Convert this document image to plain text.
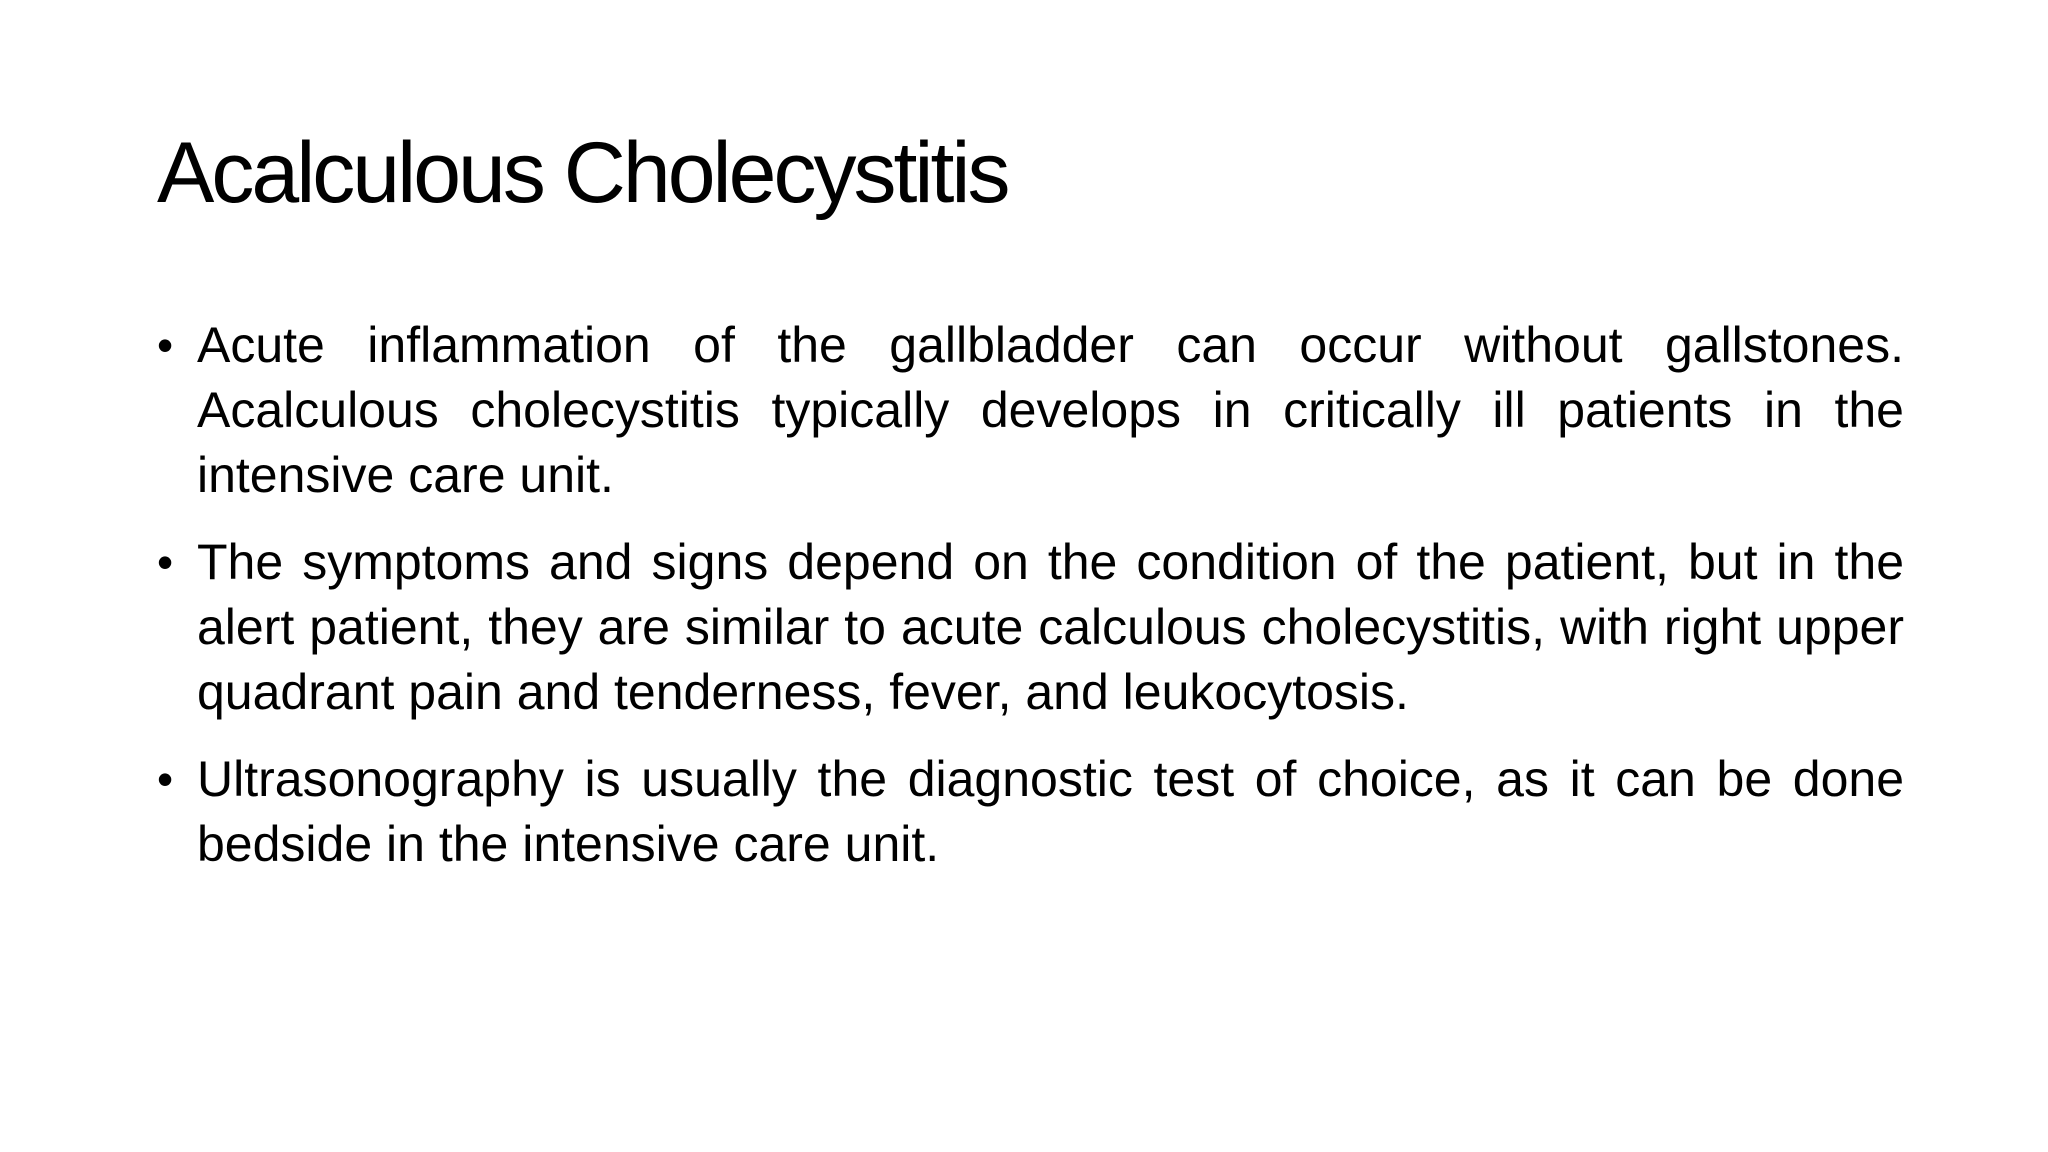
Acalculous Cholecystitis
• Acute inflammation of the gallbladder can occur without gallstones. Acalculous cholecystitis typically develops in critically ill patients in the intensive care unit.
• The symptoms and signs depend on the condition of the patient, but in the alert patient, they are similar to acute calculous cholecystitis, with right upper quadrant pain and tenderness, fever, and leukocytosis.
• Ultrasonography is usually the diagnostic test of choice, as it can be done bedside in the intensive care unit.
